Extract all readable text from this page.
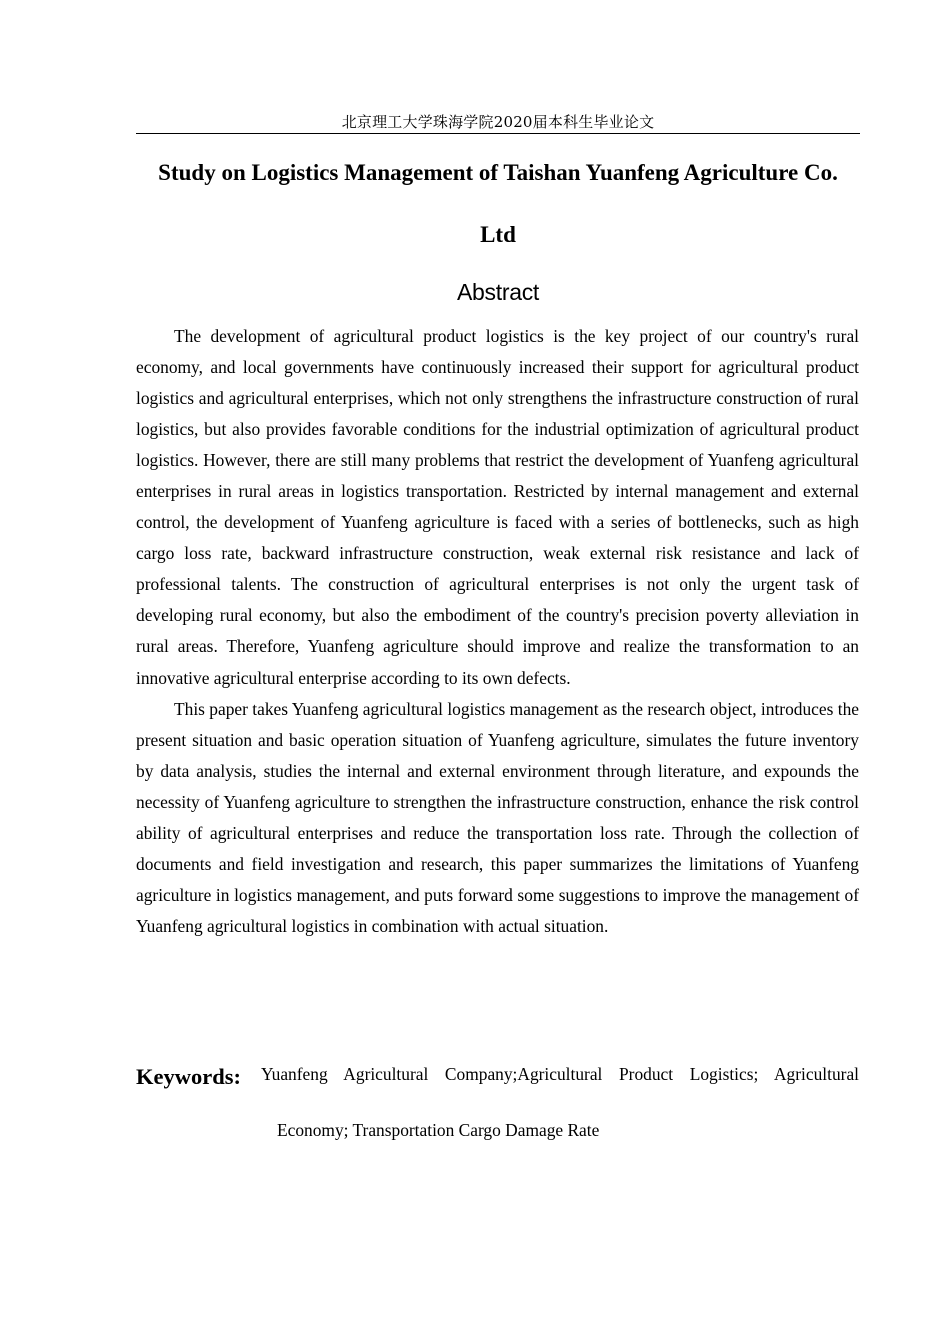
北京理工大学珠海学院2020届本科生毕业论文
Study on Logistics Management of Taishan Yuanfeng Agriculture Co.
Ltd
Abstract

The development of agricultural product logistics is the key project of our country's rural economy, and local governments have continuously increased their support for agricultural product logistics and agricultural enterprises, which not only strengthens the infrastructure construction of rural logistics, but also provides favorable conditions for the industrial optimization of agricultural product logistics. However, there are still many problems that restrict the development of Yuanfeng agricultural enterprises in rural areas in logistics transportation. Restricted by internal management and external control, the development of Yuanfeng agriculture is faced with a series of bottlenecks, such as high cargo loss rate, backward infrastructure construction, weak external risk resistance and lack of professional talents. The construction of agricultural enterprises is not only the urgent task of developing rural economy, but also the embodiment of the country's precision poverty alleviation in rural areas. Therefore, Yuanfeng agriculture should improve and realize the transformation to an innovative agricultural enterprise according to its own defects.

This paper takes Yuanfeng agricultural logistics management as the research object, introduces the present situation and basic operation situation of Yuanfeng agriculture, simulates the future inventory by data analysis, studies the internal and external environment through literature, and expounds the necessity of Yuanfeng agriculture to strengthen the infrastructure construction, enhance the risk control ability of agricultural enterprises and reduce the transportation loss rate. Through the collection of documents and field investigation and research, this paper summarizes the limitations of Yuanfeng agriculture in logistics management, and puts forward some suggestions to improve the management of Yuanfeng agricultural logistics in combination with actual situation.

Keywords: Yuanfeng Agricultural Company;Agricultural Product Logistics; Agricultural
Economy; Transportation Cargo Damage Rate
